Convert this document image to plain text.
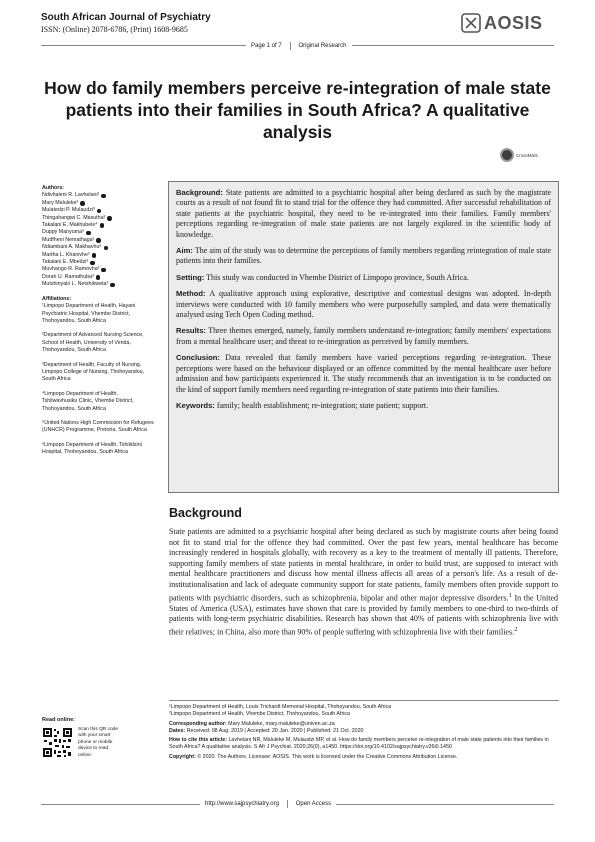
South African Journal of Psychiatry
ISSN: (Online) 2078-6786, (Print) 1608-9685	AOSIS
Page 1 of 7	Original Research
How do family members perceive re-integration of male state patients into their families in South Africa? A qualitative analysis
CrossMark
Authors:
Ndivhaleni R. Lavhelani¹
Mary Maluleke²
Mulatedzi P. Mulaudzi³
Thingahangwi C. Masutha³
Takalani E. Makhubele⁴
Duppy Manyuma⁵
Mudfheni Nemathaga¹
Ndiambani A. Makhavhu⁶
Martha L. Khanivhe³
Takalani E. Mbedzi³
Muvhango R. Ramovha³
Dorah U. Ramathuba³
Mutshinyalo L. Netshikweta³
Affiliations:
¹Limpopo Department of Health, Hayani Psychiatric Hospital, Vhembe District, Thohoyandou, South Africa
²Department of Advanced Nursing Science, School of Health, University of Venda, Thohoyandou, South Africa
³Department of Health, Faculty of Nursing, Limpopo College of Nursing, Thohoyandou, South Africa
⁴Limpopo Department of Health, Tshilwavhusiku Clinic, Vhembe District, Thohoyandou, South Africa
⁵United Nations High Commission for Refugees (UNHCR) Programme, Pretoria, South Africa
⁶Limpopo Department of Health, Tshilidzini Hospital, Thohoyandou, South Africa

Background: State patients are admitted to a psychiatric hospital after being declared as such by the magistrate courts as a result of not found fit to stand trial for the offence they had committed. After successful rehabilitation of state patients at the psychiatric hospital, they need to be re-integrated into their families. Family members' perceptions regarding re-integration of male state patients are not largely explored in the scientific body of knowledge.

Aim: The aim of the study was to determine the perceptions of family members regarding reintegration of male state patients into their families.

Setting: This study was conducted in Vhembe District of Limpopo province, South Africa.

Method: A qualitative approach using explorative, descriptive and contextual designs was adopted. In-depth interviews were conducted with 10 family members who were purposefully sampled, and data were thematically analysed using Tech Open Coding method.

Results: Three themes emerged, namely, family members understand re-integration; family members' expectations from a mental healthcare user; and threat to re-integration as perceived by family members.

Conclusion: Data revealed that family members have varied perceptions regarding re-integration. These perceptions were based on the behaviour displayed or an offence committed by the mental healthcare user before admission and how participants experienced it. The study recommends that an investigation is to be conducted on the kind of support family members need regarding re-integration of state patients into their families.

Keywords: family; health establishment; re-integration; state patient; support.

Background

State patients are admitted to a psychiatric hospital after being declared as such by magistrate courts after being found not fit to stand trial for the offence they had committed. Over the past few years, mental healthcare has become increasingly rendered in hospitals globally, with recovery as a key to the treatment of mentally ill patients. Therefore, supporting family members of state patients in mental healthcare, in order to build trust, are supposed to interact with mental healthcare practitioners and discuss how mental illness affects all areas of a person's life. As a result of de-institutionalisation and lack of adequate community support for state patients, family members often provide support to patients with psychiatric disorders, such as schizophrenia, bipolar and other major depressive disorders.$^1$ In the United States of America (USA), estimates have shown that care is provided by family members to one-third to two-thirds of patients with long-term psychiatric disabilities. Research has shown that 40% of patients with schizophrenia live with their relatives; in China, also more than 90% of people suffering with schizophrenia live with their families.$^2$

¹Limpopo Department of Health, Louis Trichardt Memorial Hospital, Thohoyandou, South Africa
²Limpopo Department of Health, Vhembe District, Thohoyandou, South Africa
Corresponding author: Mary Maluleke, mary.maluleke@univen.ac.za
Dates: Received: 08 Aug. 2019 | Accepted: 20 Jan. 2020 | Published: 21 Oct. 2020
How to cite this article: Lavhelani NR, Maluleke M, Mulaudzi MP, et al. How do family members perceive re-integration of male state patients into their families in South Africa? A qualitative analysis. S Afr J Psychiat. 2020;26(0), a1450. https://doi.org/10.4102/sajpsychiatry.v26i0.1450
Copyright: © 2020. The Authors. Licensee: AOSIS. This work is licensed under the Creative Commons Attribution License.
Read online:
Scan this QR code with your smart phone or mobile device to read online.
http://www.sajpsychiatry.org	Open Access
